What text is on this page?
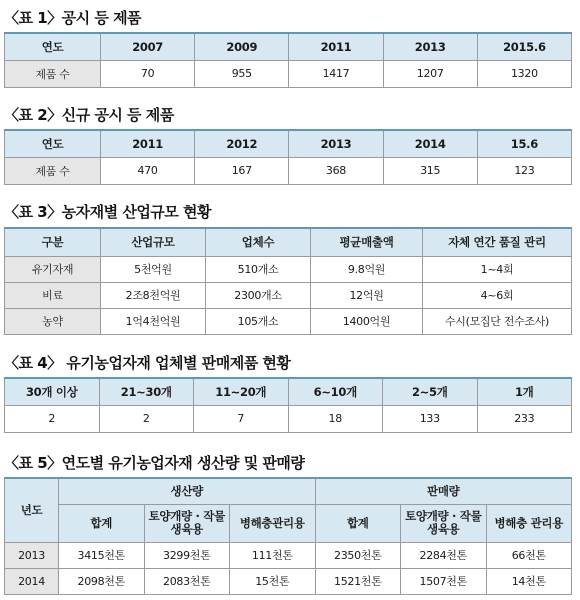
〈표 1〉공시 등 제품
연도	2007	2009	2011	2013	2015.6
제품 수	70	955	1417	1207	1320
〈표 2〉신규 공시 등 제품
연도	2011	2012	2013	2014	15.6
제품 수	470	167	368	315	123
〈표 3〉농자재별 산업규모 현황
구분	산업규모	업체수	평균매출액	자체 연간 품질 관리
유기자재	5천억원	510개소	9.8억원	1~4회
비료	2조8천억원	2300개소	12억원	4~6회
농약	1억4천억원	105개소	1400억원	수시(모집단 전수조사)
〈표 4〉 유기농업자재 업체별 판매제품 현황
30개 이상	21~30개	11~20개	6~10개	2~5개	1개
2	2	7	18	133	233
〈표 5〉연도별 유기농업자재 생산량 및 판매량
년도	생산량			판매량		
	합계	토양개량 · 작물생육용	병해충관리용	합계	토양개량 · 작물생육용	병해충 관리용
2013	3415천톤	3299천톤	111천톤	2350천톤	2284천톤	66천톤
2014	2098천톤	2083천톤	15천톤	1521천톤	1507천톤	14천톤
